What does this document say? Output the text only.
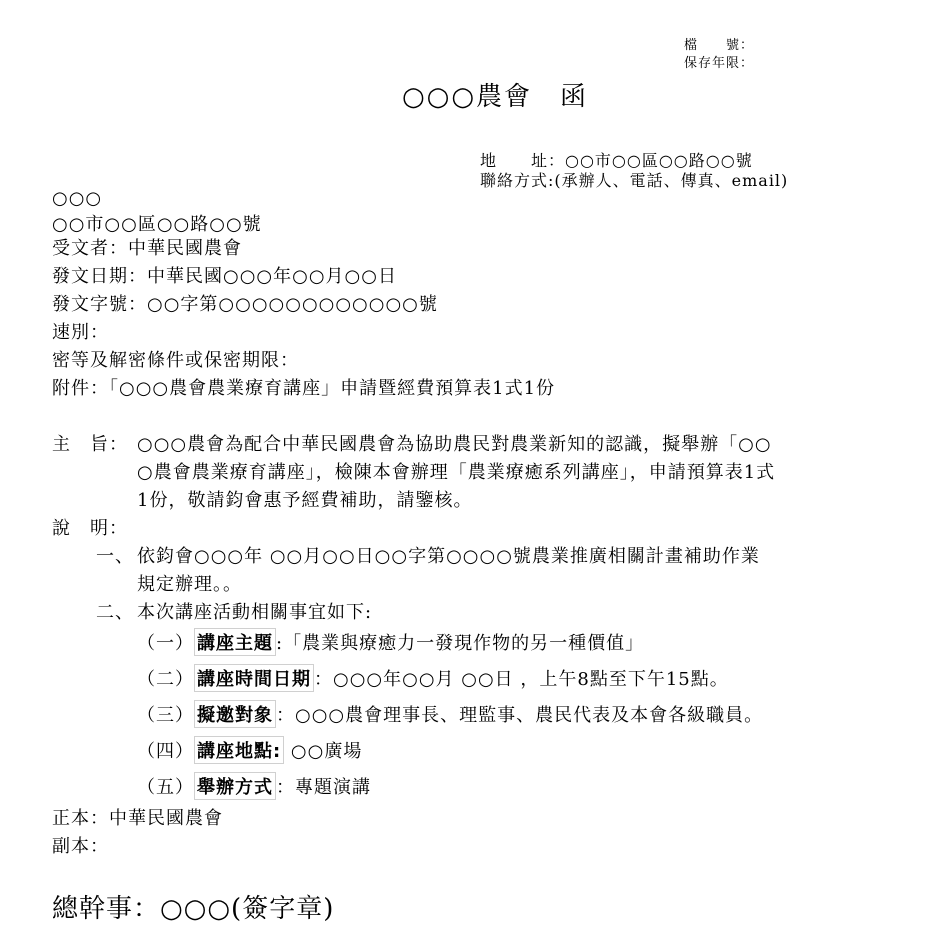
檔　　號：
保存年限：
○○○農會　函
地　　址：○○市○○區○○路○○號
聯絡方式:(承辦人、電話、傳真、email)
○○○
○○市○○區○○路○○號
受文者：中華民國農會
發文日期：中華民國○○○年○○月○○日
發文字號：○○字第○○○○○○○○○○○○號
速別：
密等及解密條件或保密期限：
附件：「○○○農會農業療育講座」申請暨經費預算表1式1份
主　旨： ○○○農會為配合中華民國農會為協助農民對農業新知的認識，擬舉辦「○○
○農會農業療育講座」，檢陳本會辦理「農業療癒系列講座」，申請預算表1式
1份，敬請鈞會惠予經費補助，請鑒核。
說　明：
一、 依鈞會○○○年 ○○月○○日○○字第○○○○號農業推廣相關計畫補助作業
規定辦理。。
二、 本次講座活動相關事宜如下:
（一） 講座主題 :「農業與療癒力一發現作物的另一種價值」
（二） 講座時間日期 ：○○○年○○月 ○○日 ，上午8點至下午15點。
（三） 擬邀對象 ：○○○農會理事長、理監事、農民代表及本會各級職員。
（四） 講座地點: ○○廣場
（五） 舉辦方式 ：專題演講
正本：中華民國農會
副本：
總幹事：○○○(簽字章)
